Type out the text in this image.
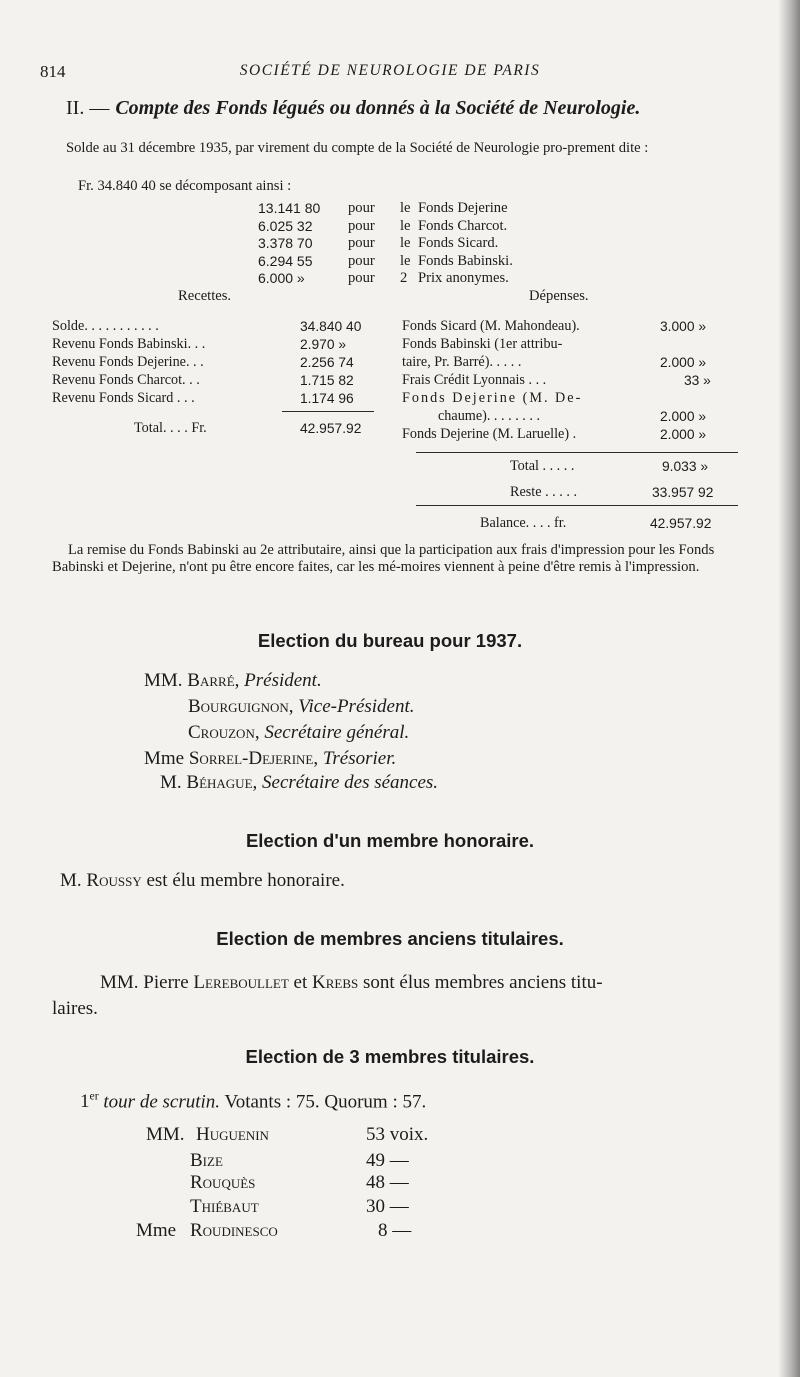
814	SOCIÉTÉ DE NEUROLOGIE DE PARIS
II. — Compte des Fonds légués ou donnés à la Société de Neurologie.
Solde au 31 décembre 1935, par virement du compte de la Société de Neurologie pro-prement dite :
Fr. 34.840 40 se décomposant ainsi :
13.141 80	pour	le	Fonds Dejerine
6.025 32	pour	le	Fonds Charcot.
3.378 70	pour	le	Fonds Sicard.
6.294 55	pour	le	Fonds Babinski.
6.000 »	pour	2	Prix anonymes.
Recettes.	Dépenses.
Solde. . . . . . . . . . .	34.840 40
Revenu Fonds Babinski. . .	2.970 »
Revenu Fonds Dejerine. . .	2.256 74
Revenu Fonds Charcot. . .	1.715 82
Revenu Fonds Sicard . . .	1.174 96
Total. . . . Fr.	42.957.92
Fonds Sicard (M. Mahondeau).	3.000 »
Fonds Babinski (1er attribu-
taire, Pr. Barré). . . . .	2.000 »
Frais Crédit Lyonnais . . .	33 »
Fonds Dejerine (M. De-
chaume). . . . . . . .	2.000 »
Fonds Dejerine (M. Laruelle) .	2.000 »
Total . . . . .	9.033 »
Reste . . . . .	33.957 92
Balance. . . . fr.	42.957.92
La remise du Fonds Babinski au 2e attributaire, ainsi que la participation aux frais d'impression pour les Fonds Babinski et Dejerine, n'ont pu être encore faites, car les mé-moires viennent à peine d'être remis à l'impression.
Election du bureau pour 1937.
MM. Barré, Président.
Bourguignon, Vice-Président.
Crouzon, Secrétaire général.
Mme Sorrel-Dejerine, Trésorier.
M. Béhague, Secrétaire des séances.
Election d'un membre honoraire.
M. Roussy est élu membre honoraire.
Election de membres anciens titulaires.
MM. Pierre Lereboullet et Krebs sont élus membres anciens titu-
laires.
Election de 3 membres titulaires.
1er tour de scrutin. Votants : 75. Quorum : 57.
MM. Huguenin	53 voix.
Bize	49 —
Rouquès	48 —
Thiébaut	30 —
Mme Roudinesco	8 —
